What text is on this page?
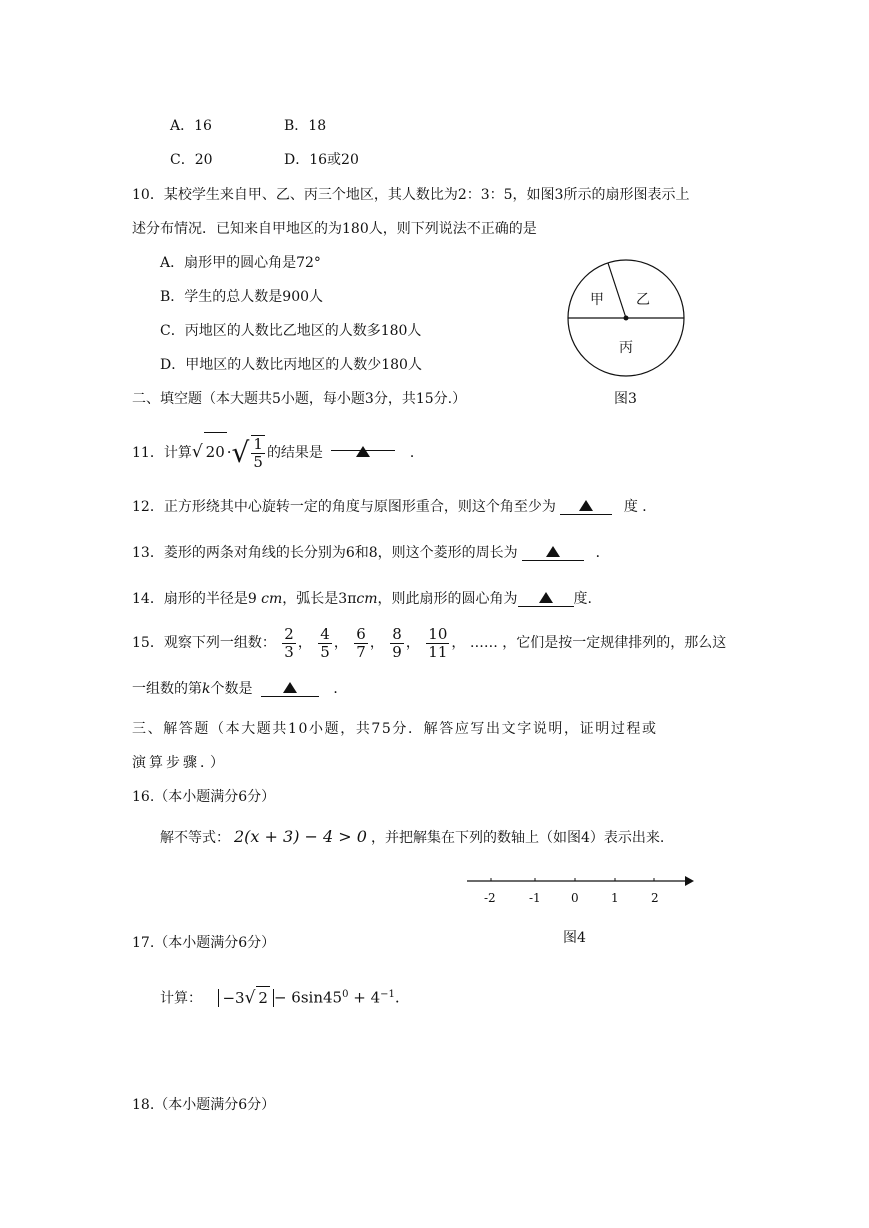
A．16	B．18
C．20	D．16或20
10．某校学生来自甲、乙、丙三个地区，其人数比为2：3：5，如图3所示的扇形图表示上
述分布情况．已知来自甲地区的为180人，则下列说法不正确的是
A．扇形甲的圆心角是72°
B．学生的总人数是900人
C．丙地区的人数比乙地区的人数多180人
D．甲地区的人数比丙地区的人数少180人
甲 乙
丙
图3
二、填空题（本大题共5小题，每小题3分，共15分.）
11．计算√ 20 ·√ $\frac{1}{5}$ 的结果是	．
12．正方形绕其中心旋转一定的角度与原图形重合，则这个角至少为	度 ．
13．菱形的两条对角线的长分别为6和8，则这个菱形的周长为	．
14．扇形的半径是9 cm，弧长是3πcm，则此扇形的圆心角为	度.
15．观察下列一组数： $\frac{2}{3}$ ， $\frac{4}{5}$ ， $\frac{6}{7}$ ， $\frac{8}{9}$ ， $\frac{10}{11}$ ， …… ，它们是按一定规律排列的，那么这
一组数的第k个数是	．
三、解答题（本大题共10小题，共75分．解答应写出文字说明，证明过程或
演算步骤．）
16.（本小题满分6分）
解不等式： 2(x + 3) − 4 > 0 ，并把解集在下列的数轴上（如图4）表示出来.
-2	-1	0	1	2
图4
17.（本小题满分6分）
计算： −3√ $2 - 6\sin 45^0 + 4^{-1}$.
18.（本小题满分6分）
